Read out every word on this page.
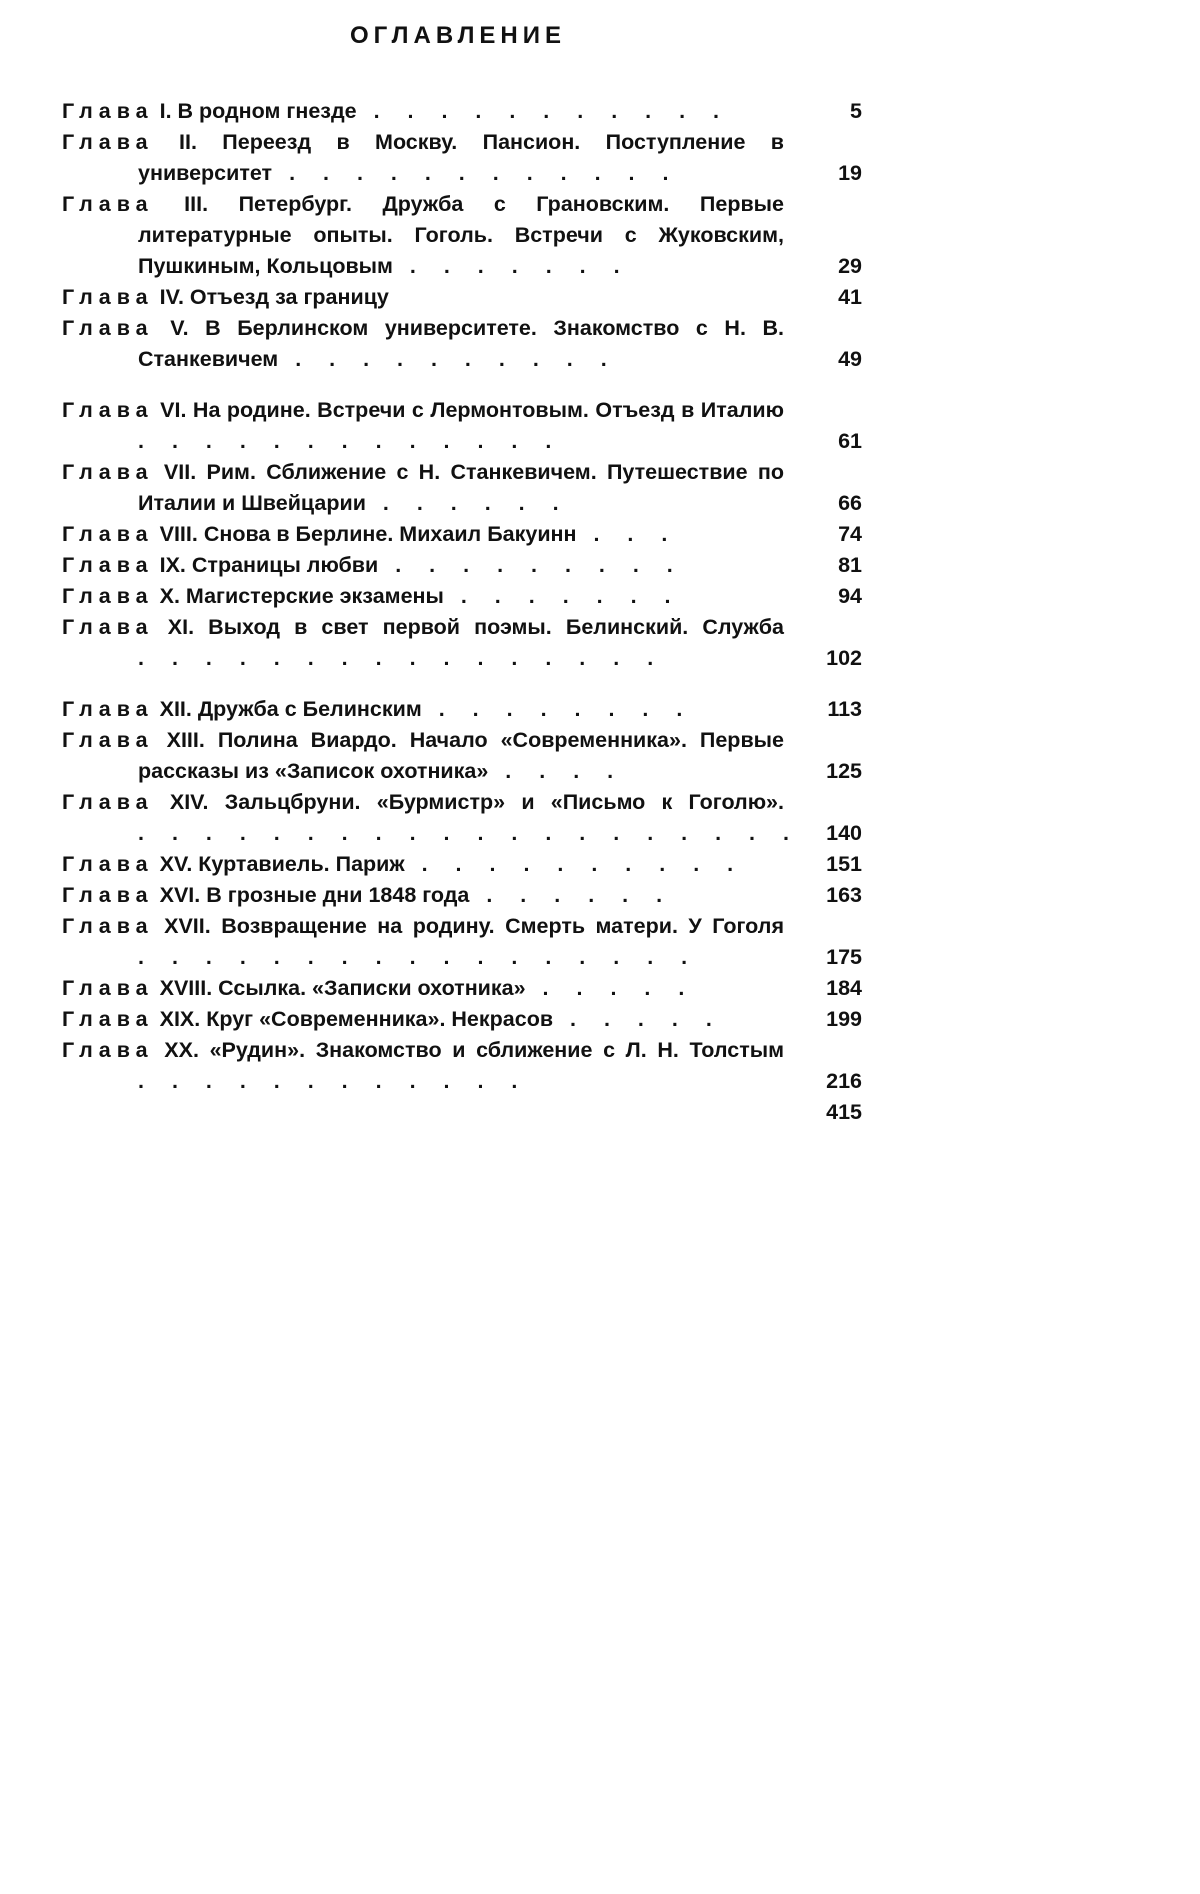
ОГЛАВЛЕНИЕ
Глава I. В родном гнезде . . . . . . . . . . .	5
Глава II. Переезд в Москву. Пансион. Поступление в университет . . . . . . . . . . . .	19
Глава III. Петербург. Дружба с Грановским. Первые литературные опыты. Гоголь. Встречи с Жуковским, Пушкиным, Кольцовым . . . . . . .	29
Глава IV. Отъезд за границу	41
Глава V. В Берлинском университете. Знакомство с Н. В. Станкевичем . . . . . . . . . .	49
Глава VI. На родине. Встречи с Лермонтовым. Отъезд в Италию . . . . . . . . . . . . .	61
Глава VII. Рим. Сближение с Н. Станкевичем. Путешествие по Италии и Швейцарии . . . . . .	66
Глава VIII. Снова в Берлине. Михаил Бакуинн . . .	74
Глава IX. Страницы любви . . . . . . . . .	81
Глава X. Магистерские экзамены . . . . . . .	94
Глава XI. Выход в свет первой поэмы. Белинский. Служба . . . . . . . . . . . . . . . .	102
Глава XII. Дружба с Белинским . . . . . . . .	113
Глава XIII. Полина Виардо. Начало «Современника». Первые рассказы из «Записок охотника» . . . .	125
Глава XIV. Зальцбруни. «Бурмистр» и «Письмо к Гоголю». . . . . . . . . . . . . . . . . . . . .	140
Глава XV. Куртавиель. Париж . . . . . . . . . .	151
Глава XVI. В грозные дни 1848 года . . . . . .	163
Глава XVII. Возвращение на родину. Смерть матери. У Гоголя . . . . . . . . . . . . . . . . .	175
Глава XVIII. Ссылка. «Записки охотника» . . . . .	184
Глава XIX. Круг «Современника». Некрасов . . . . .	199
Глава XX. «Рудин». Знакомство и сближение с Л. Н. Толстым . . . . . . . . . . . .	216
415
